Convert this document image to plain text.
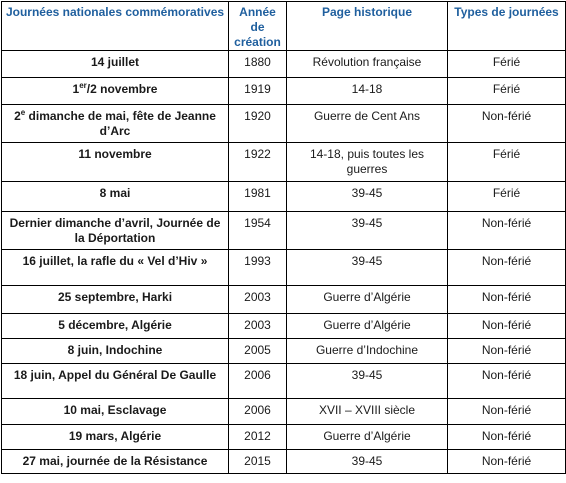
Journées nationales commémoratives	Année de création	Page historique	Types de journées
14 juillet	1880	Révolution française	Férié
1er/2 novembre	1919	14-18	Férié
2e dimanche de mai, fête de Jeanne d’Arc	1920	Guerre de Cent Ans	Non-férié
11 novembre	1922	14-18, puis toutes les guerres	Férié
8 mai	1981	39-45	Férié
Dernier dimanche d’avril, Journée de la Déportation	1954	39-45	Non-férié
16 juillet, la rafle du « Vel d’Hiv »	1993	39-45	Non-férié
25 septembre, Harki	2003	Guerre d’Algérie	Non-férié
5 décembre, Algérie	2003	Guerre d’Algérie	Non-férié
8 juin, Indochine	2005	Guerre d’Indochine	Non-férié
18 juin, Appel du Général De Gaulle	2006	39-45	Non-férié
10 mai, Esclavage	2006	XVII – XVIII siècle	Non-férié
19 mars, Algérie	2012	Guerre d’Algérie	Non-férié
27 mai, journée de la Résistance	2015	39-45	Non-férié
